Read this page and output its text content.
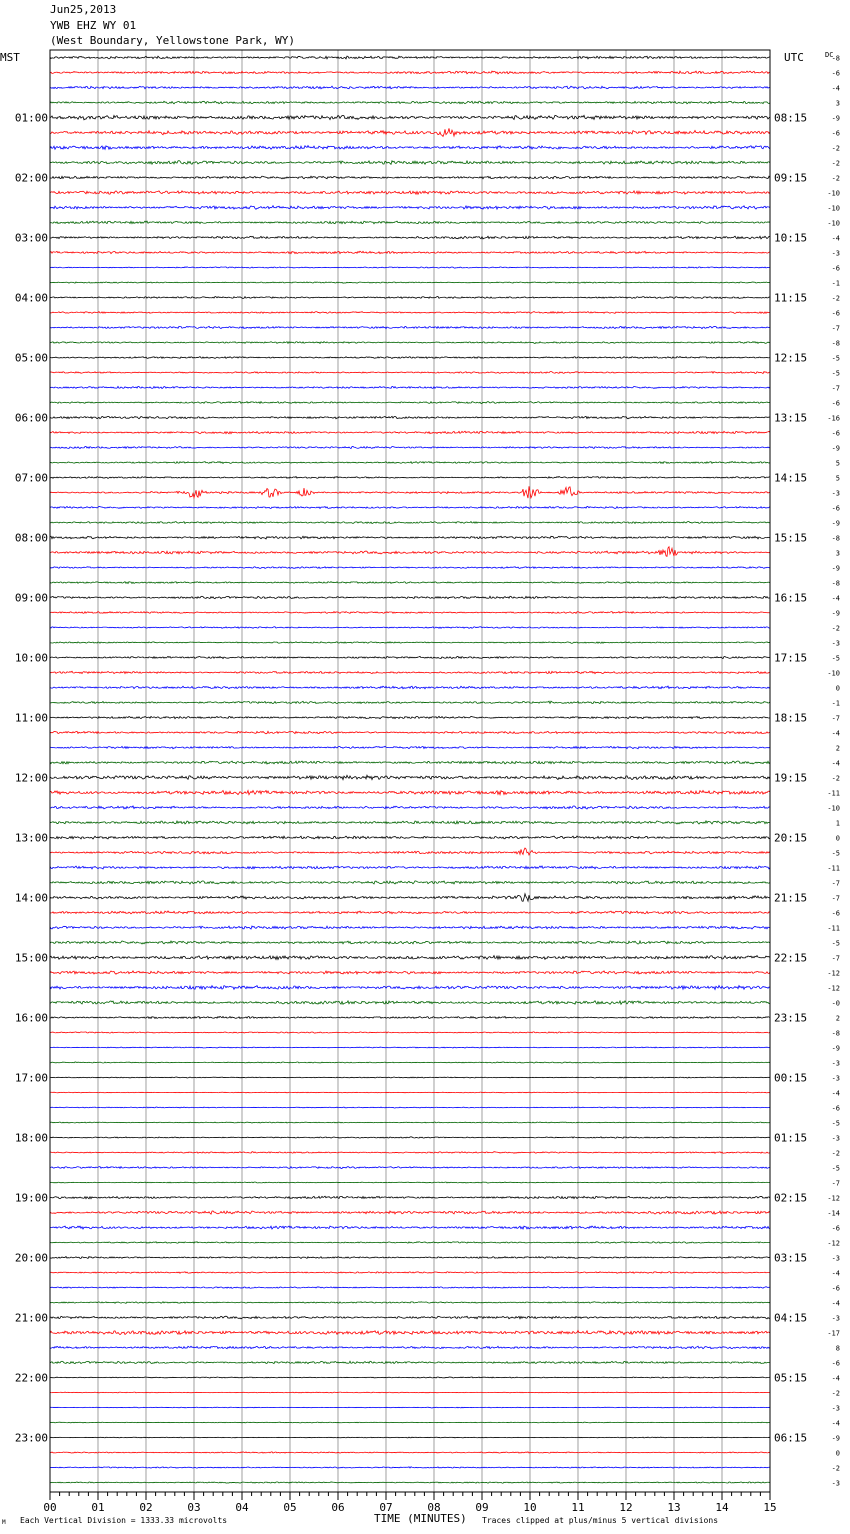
Jun25,2013
YWB EHZ WY 01
(West Boundary, Yellowstone Park, WY)
-8
-6
-4
3
-9
-6
-2
-2
-2
-10
-10
-10
-4
-3
-6
-1
-2
-6
-7
-8
-5
-5
-7
-6
-16
-6
-9
5
5
-3
-6
-9
-8
3
-9
-8
-4
-9
-2
-3
-5
-10
0
-1
-7
-4
2
-4
-2
-11
-10
1
0
-5
-11
-7
-7
-6
-11
-5
-7
-12
-12
-0
2
-8
-9
-3
-3
-4
-6
-5
-3
-2
-5
-7
-12
-14
-6
-12
-3
-4
-6
-4
-3
-17
8
-6
-4
-2
-3
-4
-9
0
-2
-3
00	01	02	03	04	05	06	07	08	09	10	11	12	13	14	15
01:00
02:00
03:00
04:00
05:00
06:00
07:00
08:00
09:00
10:00
11:00
12:00
13:00
14:00
15:00
16:00
17:00
18:00
19:00
20:00
21:00
22:00
23:00
08:15
09:15
10:15
11:15
12:15
13:15
14:15
15:15
16:15
17:15
18:15
19:15
20:15
21:15
22:15
23:15
00:15
01:15
02:15
03:15
04:15
05:15
06:15
MST	UTC	DC
TIME (MINUTES)
Each Vertical Division = 1333.33 microvolts	Traces clipped at plus/minus 5 vertical divisions
M
